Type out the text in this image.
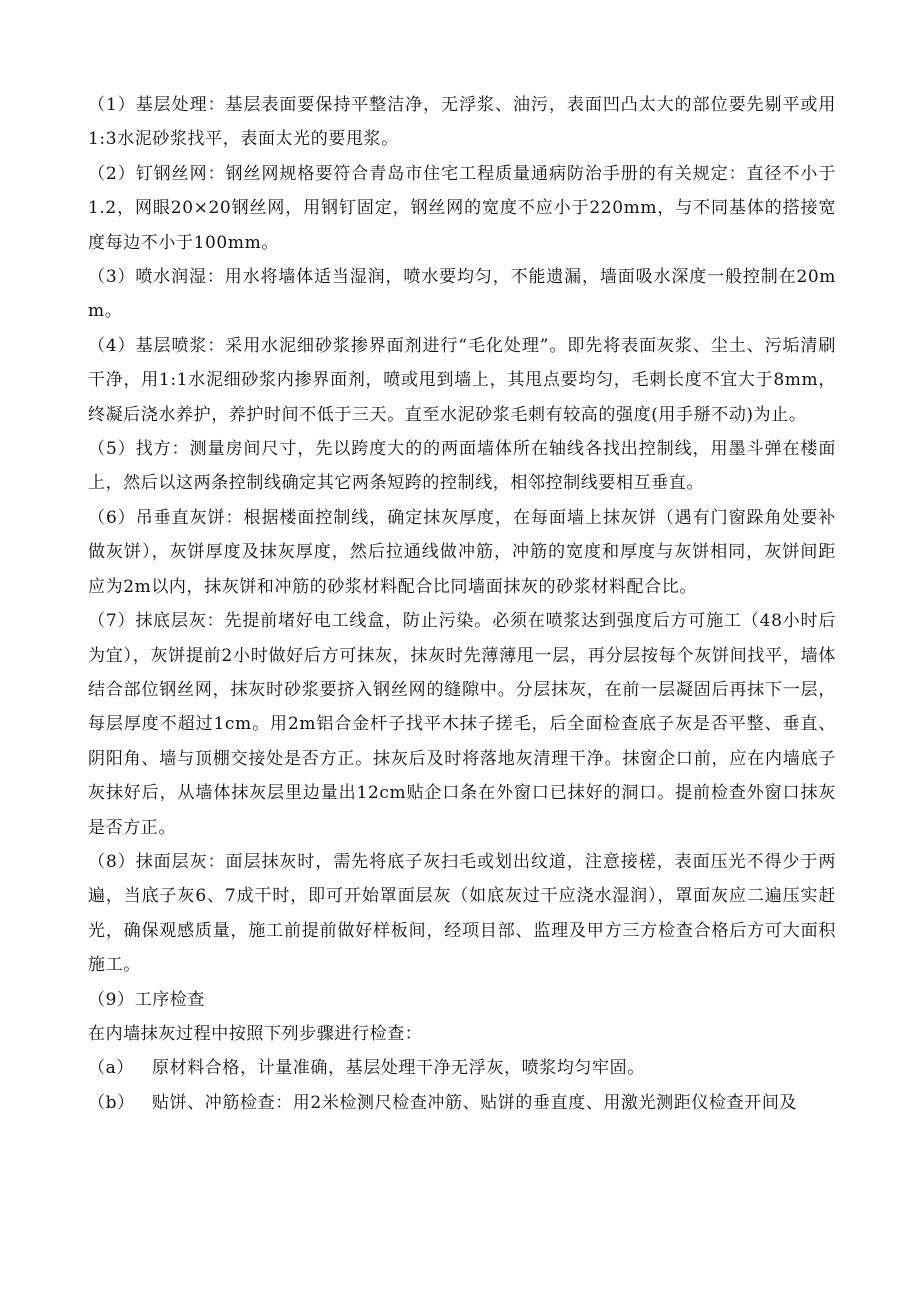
（1）基层处理：基层表面要保持平整洁净，无浮浆、油污，表面凹凸太大的部位要先剔平或用1:3水泥砂浆找平，表面太光的要甩浆。

（2）钉钢丝网：钢丝网规格要符合青岛市住宅工程质量通病防治手册的有关规定：直径不小于1.2，网眼20×20钢丝网，用钢钉固定，钢丝网的宽度不应小于220mm，与不同基体的搭接宽度每边不小于100mm。

（3）喷水润湿：用水将墙体适当湿润，喷水要均匀，不能遗漏，墙面吸水深度一般控制在20mm。

（4）基层喷浆：采用水泥细砂浆掺界面剂进行“毛化处理”。即先将表面灰浆、尘土、污垢清刷干净，用1:1水泥细砂浆内掺界面剂，喷或甩到墙上，其甩点要均匀，毛刺长度不宜大于8mm，终凝后浇水养护，养护时间不低于三天。直至水泥砂浆毛刺有较高的强度(用手掰不动)为止。

（5）找方：测量房间尺寸，先以跨度大的的两面墙体所在轴线各找出控制线，用墨斗弹在楼面上，然后以这两条控制线确定其它两条短跨的控制线，相邻控制线要相互垂直。

（6）吊垂直灰饼：根据楼面控制线，确定抹灰厚度，在每面墙上抹灰饼（遇有门窗跺角处要补做灰饼），灰饼厚度及抹灰厚度，然后拉通线做冲筋，冲筋的宽度和厚度与灰饼相同，灰饼间距应为2m以内，抹灰饼和冲筋的砂浆材料配合比同墙面抹灰的砂浆材料配合比。

（7）抹底层灰：先提前堵好电工线盒，防止污染。必须在喷浆达到强度后方可施工（48小时后为宜），灰饼提前2小时做好后方可抹灰，抹灰时先薄薄甩一层，再分层按每个灰饼间找平，墙体结合部位钢丝网，抹灰时砂浆要挤入钢丝网的缝隙中。分层抹灰，在前一层凝固后再抹下一层，每层厚度不超过1cm。用2m铝合金杆子找平木抹子搓毛，后全面检查底子灰是否平整、垂直、阴阳角、墙与顶棚交接处是否方正。抹灰后及时将落地灰清理干净。抹窗企口前，应在内墙底子灰抹好后，从墙体抹灰层里边量出12cm贴企口条在外窗口已抹好的洞口。提前检查外窗口抹灰是否方正。

（8）抹面层灰：面层抹灰时，需先将底子灰扫毛或划出纹道，注意接槎，表面压光不得少于两遍，当底子灰6、7成干时，即可开始罩面层灰（如底灰过干应浇水湿润），罩面灰应二遍压实赶光，确保观感质量，施工前提前做好样板间，经项目部、监理及甲方三方检查合格后方可大面积施工。

（9）工序检查

在内墙抹灰过程中按照下列步骤进行检查：

（a）	原材料合格，计量准确，基层处理干净无浮灰，喷浆均匀牢固。
（b）	贴饼、冲筋检查：用2米检测尺检查冲筋、贴饼的垂直度、用激光测距仪检查开间及
